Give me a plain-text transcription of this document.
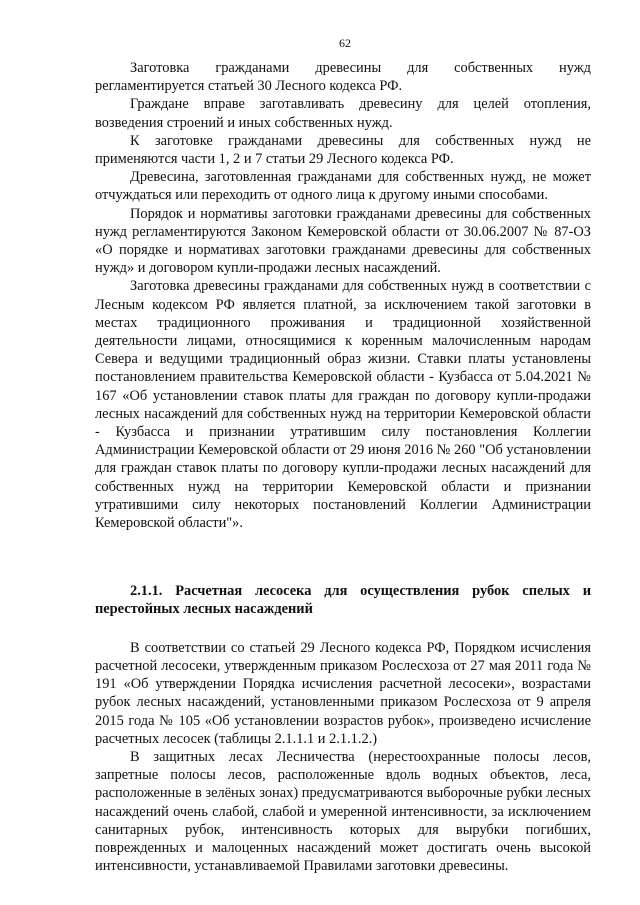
62

Заготовка гражданами древесины для собственных нужд регламентируется статьей 30 Лесного кодекса РФ.

Граждане вправе заготавливать древесину для целей отопления, возведения строений и иных собственных нужд.

К заготовке гражданами древесины для собственных нужд не применяются части 1, 2 и 7 статьи 29 Лесного кодекса РФ.

Древесина, заготовленная гражданами для собственных нужд, не может отчуждаться или переходить от одного лица к другому иными способами.

Порядок и нормативы заготовки гражданами древесины для собственных нужд регламентируются Законом Кемеровской области от 30.06.2007 № 87-ОЗ «О порядке и нормативах заготовки гражданами древесины для собственных нужд» и договором купли-продажи лесных насаждений.

Заготовка древесины гражданами для собственных нужд в соответствии с Лесным кодексом РФ является платной, за исключением такой заготовки в местах традиционного проживания и традиционной хозяйственной деятельности лицами, относящимися к коренным малочисленным народам Севера и ведущими традиционный образ жизни. Ставки платы установлены постановлением правительства Кемеровской области - Кузбасса от 5.04.2021 № 167 «Об установлении ставок платы для граждан по договору купли-продажи лесных насаждений для собственных нужд на территории Кемеровской области - Кузбасса и признании утратившим силу постановления Коллегии Администрации Кемеровской области от 29 июня 2016 № 260 "Об установлении для граждан ставок платы по договору купли-продажи лесных насаждений для собственных нужд на территории Кемеровской области и признании утратившими силу некоторых постановлений Коллегии Администрации Кемеровской области"».

2.1.1. Расчетная лесосека для осуществления рубок спелых и перестойных лесных насаждений

В соответствии со статьей 29 Лесного кодекса РФ, Порядком исчисления расчетной лесосеки, утвержденным приказом Рослесхоза от 27 мая 2011 года № 191 «Об утверждении Порядка исчисления расчетной лесосеки», возрастами рубок лесных насаждений, установленными приказом Рослесхоза от 9 апреля 2015 года № 105 «Об установлении возрастов рубок», произведено исчисление расчетных лесосек (таблицы 2.1.1.1 и 2.1.1.2.)

В защитных лесах Лесничества (нерестоохранные полосы лесов, запретные полосы лесов, расположенные вдоль водных объектов, леса, расположенные в зелёных зонах) предусматриваются выборочные рубки лесных насаждений очень слабой, слабой и умеренной интенсивности, за исключением санитарных рубок, интенсивность которых для вырубки погибших, поврежденных и малоценных насаждений может достигать очень высокой интенсивности, устанавливаемой Правилами заготовки древесины.
